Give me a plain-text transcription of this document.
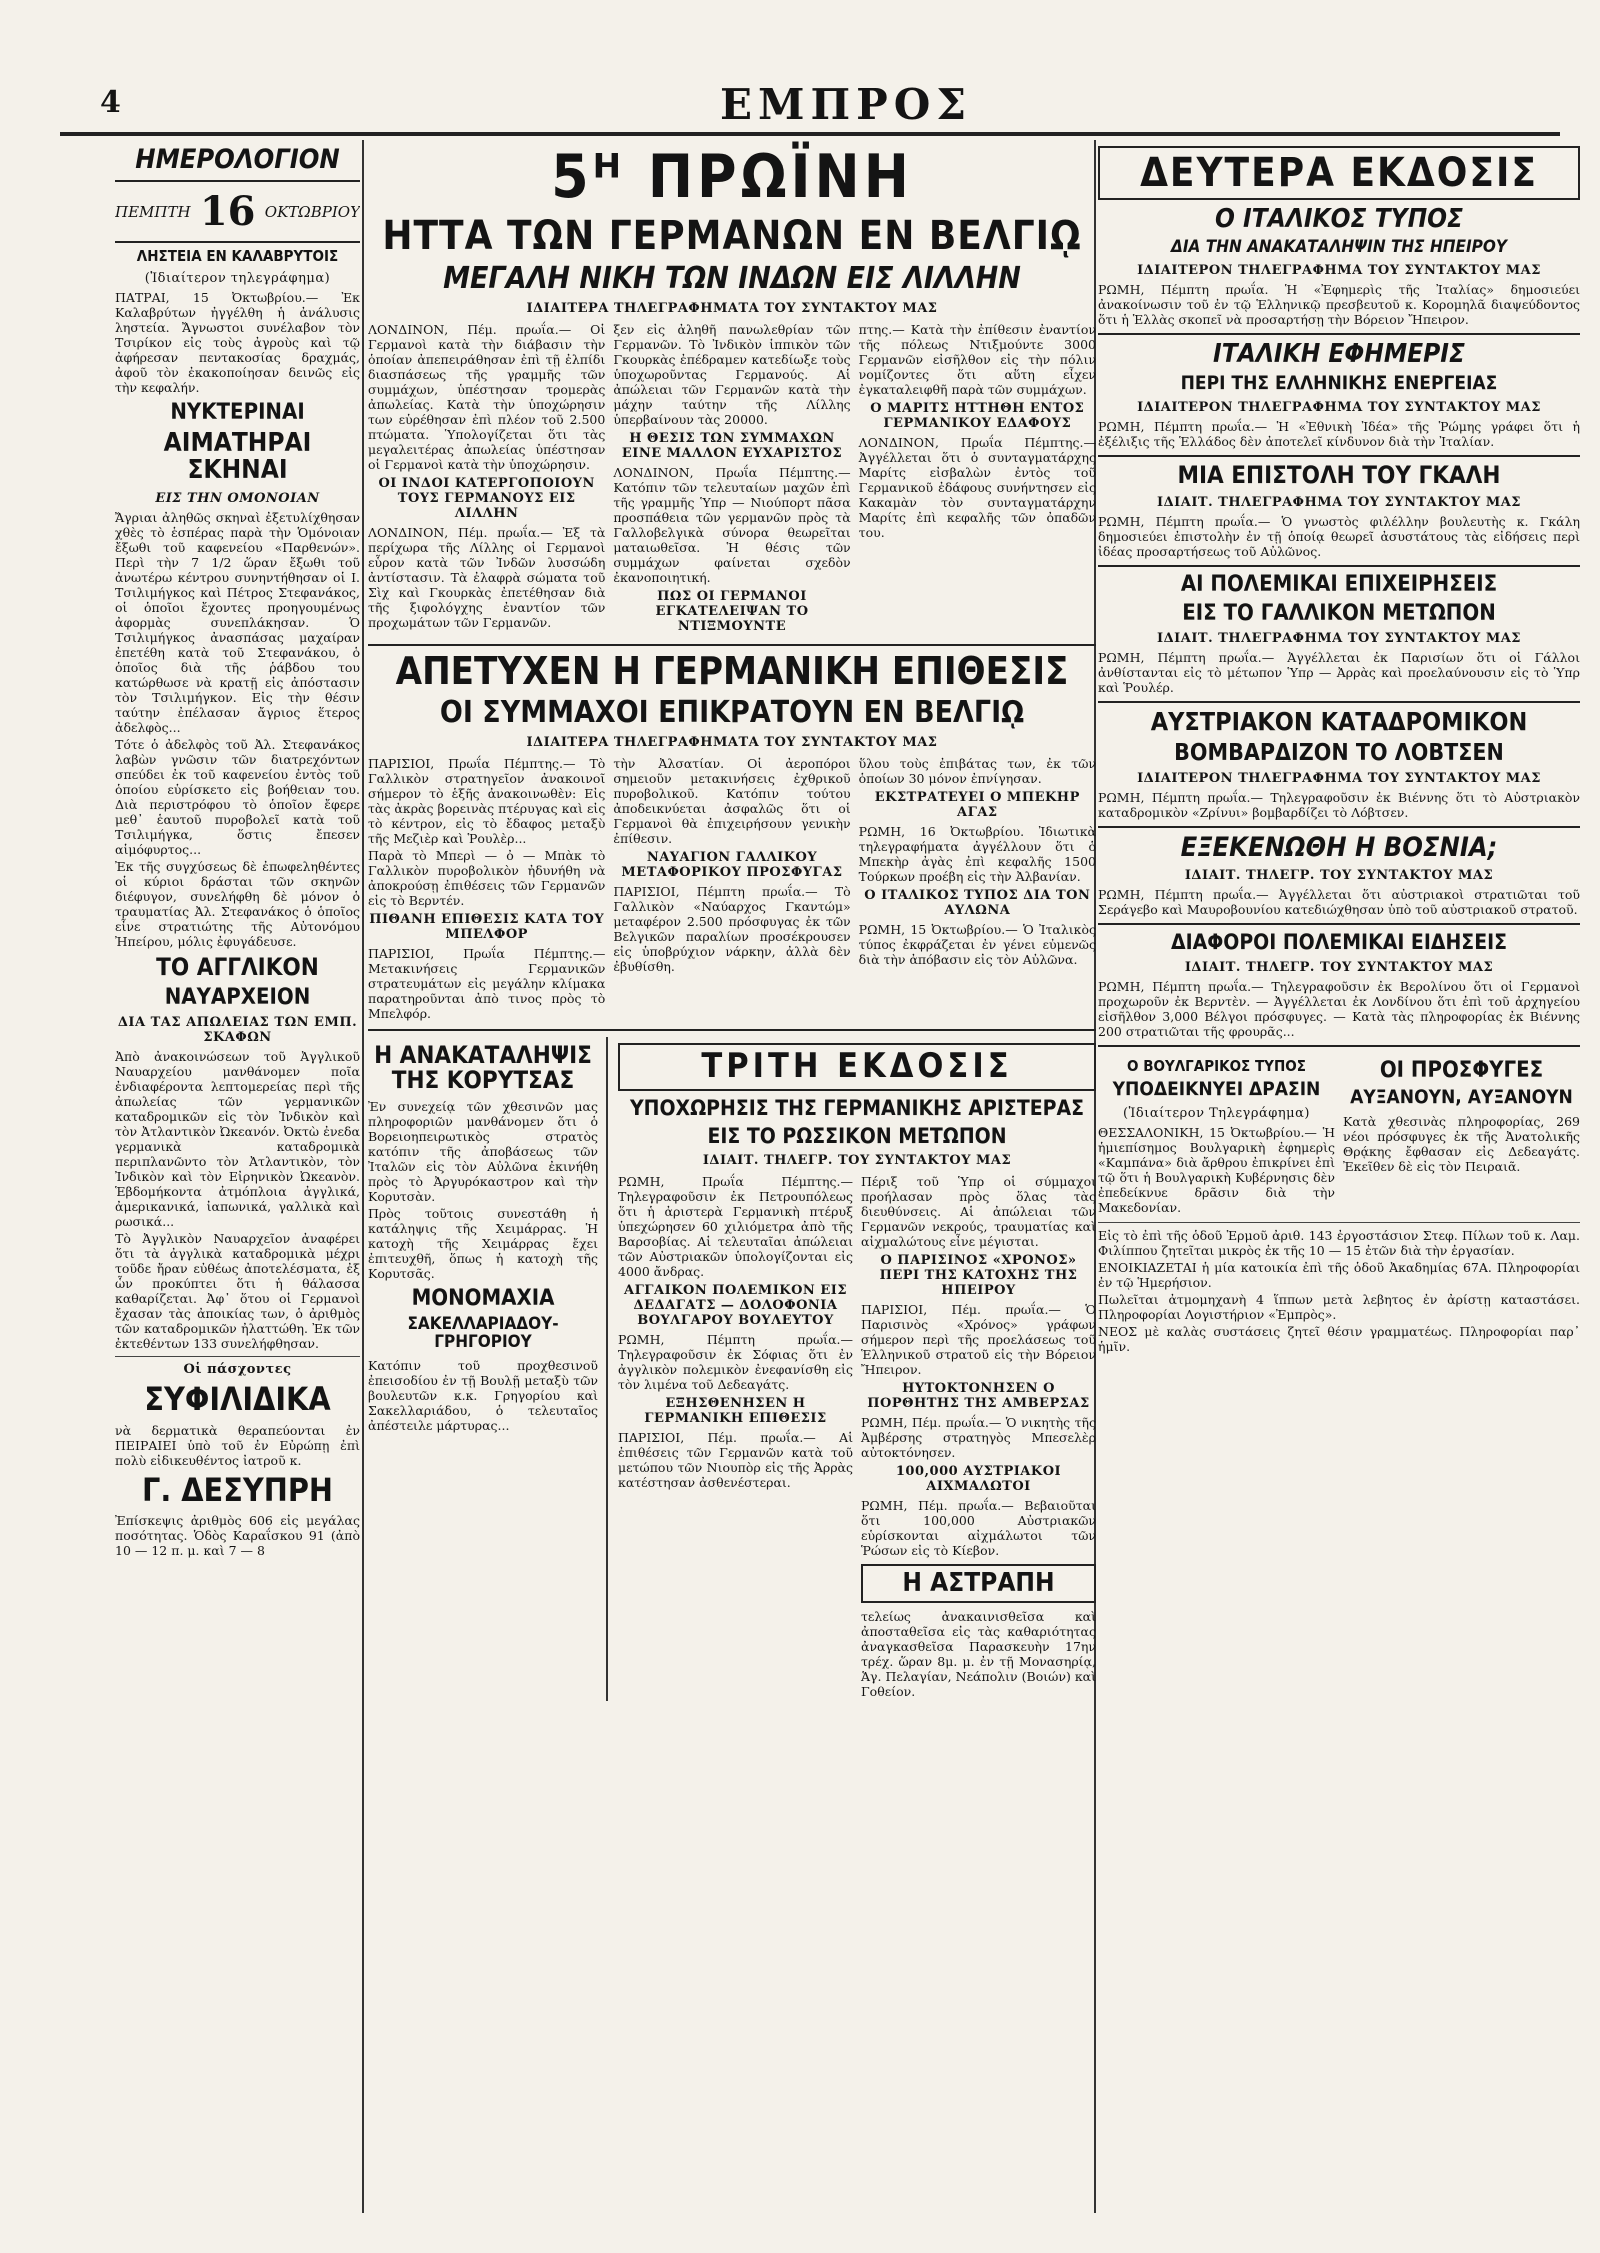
4	ΕΜΠΡΟΣ
ΗΜΕΡΟΛΟΓΙΟΝ
ΠΕΜΠΤΗ 16 ΟΚΤΩΒΡΙΟΥ
ΛΗΣΤΕΙΑ ΕΝ ΚΑΛΑΒΡΥΤΟΙΣ
(Ἰδιαίτερον τηλεγράφημα)
ΠΑΤΡΑΙ, 15 Ὀκτωβρίου.— Ἐκ Καλαβρύτων ἠγγέλθη ἡ ἀνάλυσις ληστεία. Ἄγνωστοι συνέλαβον τὸν Τσιρίκον εἰς τοὺς ἀγροὺς καὶ τῷ ἀφήρεσαν πεντακοσίας δραχμάς, ἀφοῦ τὸν ἐκακοποίησαν δεινῶς εἰς τὴν κεφαλήν.
ΝΥΚΤΕΡΙΝΑΙ
ΑΙΜΑΤΗΡΑΙ ΣΚΗΝΑΙ
ΕΙΣ ΤΗΝ ΟΜΟΝΟΙΑΝ
Ἄγριαι ἀληθῶς σκηναὶ ἐξετυλίχθησαν χθὲς τὸ ἑσπέρας παρὰ τὴν Ὁμόνοιαν ἔξωθι τοῦ καφενείου «Παρθενών». Περὶ τὴν 7 1/2 ὥραν ἔξωθι τοῦ ἀνωτέρω κέντρου συνηντήθησαν οἱ Ι. Τσιλιμήγκος καὶ Πέτρος Στεφανάκος, οἱ ὁποῖοι ἔχοντες προηγουμένως ἀφορμὰς συνεπλάκησαν. Ὁ Τσιλιμήγκος ἀνασπάσας μαχαίραν ἐπετέθη κατὰ τοῦ Στεφανάκου, ὁ ὁποῖος διὰ τῆς ῥάβδου του κατώρθωσε νὰ κρατῇ εἰς ἀπόστασιν τὸν Τσιλιμήγκον. Εἰς τὴν θέσιν ταύτην ἐπέλασαν ἄγριος ἕτερος ἀδελφὸς...
Τότε ὁ ἀδελφὸς τοῦ Ἀλ. Στεφανάκος λαβὼν γνῶσιν τῶν διατρεχόντων σπεύδει ἐκ τοῦ καφενείου ἐντὸς τοῦ ὁποίου εὑρίσκετο εἰς βοήθειαν του. Διὰ περιστρόφου τὸ ὁποῖον ἔφερε μεθ᾽ ἑαυτοῦ πυροβολεῖ κατὰ τοῦ Τσιλιμήγκα, ὅστις ἔπεσεν αἱμόφυρτος...
Ἐκ τῆς συγχύσεως δὲ ἐπωφεληθέντες οἱ κύριοι δράσται τῶν σκηνῶν διέφυγον, συνελήφθη δὲ μόνον ὁ τραυματίας Ἀλ. Στεφανάκος ὁ ὁποῖος εἶνε στρατιώτης τῆς Αὐτονόμου Ἠπείρου, μόλις ἐφυγάδευσε.
ΤΟ ΑΓΓΛΙΚΟΝ
ΝΑΥΑΡΧΕΙΟΝ
ΔΙΑ ΤΑΣ ΑΠΩΛΕΙΑΣ ΤΩΝ ΕΜΠ. ΣΚΑΦΩΝ
Ἀπὸ ἀνακοινώσεων τοῦ Ἀγγλικοῦ Ναυαρχείου μανθάνομεν ποῖα ἐνδιαφέροντα λεπτομερείας περὶ τῆς ἀπωλείας τῶν γερμανικῶν καταδρομικῶν εἰς τὸν Ἰνδικὸν καὶ τὸν Ἀτλαντικὸν Ὠκεανόν. Ὀκτὼ ἐνεδα γερμανικὰ καταδρομικὰ περιπλανῶντο τὸν Ἀτλαντικὸν, τὸν Ἰνδικὸν καὶ τὸν Εἰρηνικὸν Ὠκεανὸν. Ἑβδομήκοντα ἀτμόπλοια ἀγγλικά, ἀμερικανικά, ἰαπωνικά, γαλλικὰ καὶ ρωσικά...
Τὸ Ἀγγλικὸν Ναυαρχεῖον ἀναφέρει ὅτι τὰ ἀγγλικὰ καταδρομικὰ μέχρι τοῦδε ἤραν εὐθέως ἀποτελέσματα, ἐξ ὧν προκύπτει ὅτι ἡ θάλασσα καθαρίζεται. Ἀφ᾽ ὅτου οἱ Γερμανοὶ ἔχασαν τὰς ἀποικίας των, ὁ ἀριθμὸς τῶν καταδρομικῶν ἠλαττώθη. Ἐκ τῶν ἐκτεθέντων 133 συνελήφθησαν.
Οἱ πάσχοντες
ΣΥΦΙΛΙΔΙΚΑ
νὰ δερματικὰ θεραπεύονται ἐν ΠΕΙΡΑΙΕΙ ὑπὸ τοῦ ἐν Εὐρώπῃ ἐπὶ πολὺ εἰδικευθέντος ἰατροῦ κ.
Γ. ΔΕΣΥΠΡΗ
Ἐπίσκεψις ἀριθμὸς 606 εἰς μεγάλας ποσότητας. Ὁδὸς Καραΐσκου 91 (ἀπὸ 10 — 12 π. μ. καὶ 7 — 8
5ᴴ ΠΡΩΪΝΗ
ΗΤΤΑ ΤΩΝ ΓΕΡΜΑΝΩΝ ΕΝ ΒΕΛΓΙῼ
ΜΕΓΑΛΗ ΝΙΚΗ ΤΩΝ ΙΝΔΩΝ ΕΙΣ ΛΙΛΛΗΝ
ΙΔΙΑΙΤΕΡΑ ΤΗΛΕΓΡΑΦΗΜΑΤΑ ΤΟΥ ΣΥΝΤΑΚΤΟΥ ΜΑΣ
ΛΟΝΔΙΝΟΝ, Πέμ. πρωΐα.— Οἱ Γερμανοὶ κατὰ τὴν διάβασιν τὴν ὁποίαν ἀπεπειράθησαν ἐπὶ τῇ ἐλπίδι διασπάσεως τῆς γραμμῆς τῶν συμμάχων, ὑπέστησαν τρομερὰς ἀπωλείας. Κατὰ τὴν ὑποχώρησιν των εὑρέθησαν ἐπὶ πλέον τοῦ 2.500 πτώματα. Ὑπολογίζεται ὅτι τὰς μεγαλειτέρας ἀπωλείας ὑπέστησαν οἱ Γερμανοὶ κατὰ τὴν ὑποχώρησιν.
ΟΙ ΙΝΔΟΙ ΚΑΤΕΡΓΟΠΟΙΟΥΝ ΤΟΥΣ ΓΕΡΜΑΝΟΥΣ ΕΙΣ ΛΙΛΛΗΝ
ΛΟΝΔΙΝΟΝ, Πέμ. πρωΐα.— Ἐξ τὰ περίχωρα τῆς Λίλλης οἱ Γερμανοὶ εὗρον κατὰ τῶν Ἰνδῶν λυσσώδη ἀντίστασιν. Τὰ ἐλαφρὰ σώματα τοῦ Σὶχ καὶ Γκουρκὰς ἐπετέθησαν διὰ τῆς ξιφολόγχης ἐναντίον τῶν προχωμάτων τῶν Γερμανῶν.
ξεν εἰς ἀληθῆ πανωλεθρίαν τῶν Γερμανῶν. Τὸ Ἰνδικὸν ἱππικὸν τῶν Γκουρκὰς ἐπέδραμεν κατεδίωξε τοὺς ὑποχωροῦντας Γερμανούς. Αἱ ἀπώλειαι τῶν Γερμανῶν κατὰ τὴν μάχην ταύτην τῆς Λίλλης ὑπερβαίνουν τὰς 20000.
Η ΘΕΣΙΣ ΤΩΝ ΣΥΜΜΑΧΩΝ ΕΙΝΕ ΜΑΛΛΟΝ ΕΥΧΑΡΙΣΤΟΣ
ΛΟΝΔΙΝΟΝ, Πρωΐα Πέμπτης.— Κατόπιν τῶν τελευταίων μαχῶν ἐπὶ τῆς γραμμῆς Ὑπρ — Νιούπορτ πᾶσα προσπάθεια τῶν γερμανῶν πρὸς τὰ Γαλλοβελγικὰ σύνορα θεωρεῖται ματαιωθεῖσα. Ἡ θέσις τῶν συμμάχων φαίνεται σχεδὸν ἐκανοποιητική.
ΠΩΣ ΟΙ ΓΕΡΜΑΝΟΙ ΕΓΚΑΤΕΛΕΙΨΑΝ ΤΟ ΝΤΙΞΜΟΥΝΤΕ
πτης.— Κατὰ τὴν ἐπίθεσιν ἐναντίον τῆς πόλεως Ντιξμούντε 3000 Γερμανῶν εἰσῆλθον εἰς τὴν πόλιν νομίζοντες ὅτι αὕτη εἶχεν ἐγκαταλειφθῆ παρὰ τῶν συμμάχων.
Ο ΜΑΡΙΤΣ ΗΤΤΗΘΗ ΕΝΤΟΣ ΓΕΡΜΑΝΙΚΟΥ ΕΔΑΦΟΥΣ
ΛΟΝΔΙΝΟΝ, Πρωΐα Πέμπτης.— Ἀγγέλλεται ὅτι ὁ συνταγματάρχης Μαρίτς εἰσβαλὼν ἐντὸς τοῦ Γερμανικοῦ ἐδάφους συνήντησεν εἰς Κακαμὰν τὸν συνταγματάρχην Μαρίτς ἐπὶ κεφαλῆς τῶν ὀπαδῶν του.
ΑΠΕΤΥΧΕΝ Η ΓΕΡΜΑΝΙΚΗ ΕΠΙΘΕΣΙΣ
ΟΙ ΣΥΜΜΑΧΟΙ ΕΠΙΚΡΑΤΟΥΝ ΕΝ ΒΕΛΓΙῼ
ΙΔΙΑΙΤΕΡΑ ΤΗΛΕΓΡΑΦΗΜΑΤΑ ΤΟΥ ΣΥΝΤΑΚΤΟΥ ΜΑΣ
ΠΑΡΙΣΙΟΙ, Πρωΐα Πέμπτης.— Τὸ Γαλλικὸν στρατηγεῖον ἀνακοινοῖ σήμερον τὸ ἑξῆς ἀνακοινωθὲν: Εἰς τὰς ἀκρὰς βορεινὰς πτέρυγας καὶ εἰς τὸ κέντρον, εἰς τὸ ἔδαφος μεταξὺ τῆς Μεζιὲρ καὶ Ῥουλὲρ...
Παρὰ τὸ Μπερὶ — ὀ — Μπὰκ τὸ Γαλλικὸν πυροβολικὸν ἠδυνήθη νὰ ἀποκρούσῃ ἐπιθέσεις τῶν Γερμανῶν εἰς τὸ Βερντέν.
ΠΙΘΑΝΗ ΕΠΙΘΕΣΙΣ ΚΑΤΑ ΤΟΥ ΜΠΕΛΦΟΡ
ΠΑΡΙΣΙΟΙ, Πρωΐα Πέμπτης.— Μετακινήσεις Γερμανικῶν στρατευμάτων εἰς μεγάλην κλίμακα παρατηροῦνται ἀπὸ τινος πρὸς τὸ Μπελφόρ.
τὴν Ἀλσατίαν. Οἱ ἀεροπόροι σημειοῦν μετακινήσεις ἐχθρικοῦ πυροβολικοῦ. Κατόπιν τούτου ἀποδεικνύεται ἀσφαλῶς ὅτι οἱ Γερμανοὶ θὰ ἐπιχειρήσουν γενικὴν ἐπίθεσιν.
ΝΑΥΑΓΙΟΝ ΓΑΛΛΙΚΟΥ ΜΕΤΑΦΟΡΙΚΟΥ ΠΡΟΣΦΥΓΑΣ
ΠΑΡΙΣΙΟΙ, Πέμπτη πρωΐα.— Τὸ Γαλλικὸν «Ναύαρχος Γκαντώμ» μεταφέρον 2.500 πρόσφυγας ἐκ τῶν Βελγικῶν παραλίων προσέκρουσεν εἰς ὑποβρύχιον νάρκην, ἀλλὰ δὲν ἐβυθίσθη.
ὕλου τοὺς ἐπιβάτας των, ἐκ τῶν ὁποίων 30 μόνον ἐπνίγησαν.
ΕΚΣΤΡΑΤΕΥΕΙ Ο ΜΠΕΚΗΡ ΑΓΑΣ
ΡΩΜΗ, 16 Ὀκτωβρίου. Ἰδιωτικὰ τηλεγραφήματα ἀγγέλλουν ὅτι ὁ Μπεκὴρ ἀγὰς ἐπὶ κεφαλῆς 1500 Τούρκων προέβη εἰς τὴν Ἀλβανίαν.
Ο ΙΤΑΛΙΚΟΣ ΤΥΠΟΣ ΔΙΑ ΤΟΝ ΑΥΛΩΝΑ
ΡΩΜΗ, 15 Ὀκτωβρίου.— Ὁ Ἰταλικὸς τύπος ἐκφράζεται ἐν γένει εὐμενῶς διὰ τὴν ἀπόβασιν εἰς τὸν Αὐλῶνα.
Η ΑΝΑΚΑΤΑΛΗΨΙΣ ΤΗΣ ΚΟΡΥΤΣΑΣ
Ἐν συνεχείᾳ τῶν χθεσινῶν μας πληροφοριῶν μανθάνομεν ὅτι ὁ Βορειοηπειρωτικὸς στρατὸς κατόπιν τῆς ἀποβάσεως τῶν Ἰταλῶν εἰς τὸν Αὐλῶνα ἐκινήθη πρὸς τὸ Ἀργυρόκαστρον καὶ τὴν Κορυτσὰν.
Πρὸς τοῦτοις συνεστάθη ἡ κατάληψις τῆς Χειμάρρας. Ἡ κατοχὴ τῆς Χειμάρρας ἔχει ἐπιτευχθῆ, ὅπως ἡ κατοχὴ τῆς Κορυτσᾶς.
ΜΟΝΟΜΑΧΙΑ
ΣΑΚΕΛΛΑΡΙΑΔΟΥ-ΓΡΗΓΟΡΙΟΥ
Κατόπιν τοῦ προχθεσινοῦ ἐπεισοδίου ἐν τῇ Βουλῇ μεταξὺ τῶν βουλευτῶν κ.κ. Γρηγορίου καὶ Σακελλαριάδου, ὁ τελευταῖος ἀπέστειλε μάρτυρας...
ΤΡΙΤΗ ΕΚΔΟΣΙΣ
ΥΠΟΧΩΡΗΣΙΣ ΤΗΣ ΓΕΡΜΑΝΙΚΗΣ ΑΡΙΣΤΕΡΑΣ
ΕΙΣ ΤΟ ΡΩΣΣΙΚΟΝ ΜΕΤΩΠΟΝ
ΙΔΙΑΙΤ. ΤΗΛΕΓΡ. ΤΟΥ ΣΥΝΤΑΚΤΟΥ ΜΑΣ
ΡΩΜΗ, Πρωΐα Πέμπτης.— Τηλεγραφοῦσιν ἐκ Πετρουπόλεως ὅτι ἡ ἀριστερὰ Γερμανικὴ πτέρυξ ὑπεχώρησεν 60 χιλιόμετρα ἀπὸ τῆς Βαρσοβίας. Αἱ τελευταῖαι ἀπώλειαι τῶν Αὐστριακῶν ὑπολογίζονται εἰς 4000 ἄνδρας.
ΑΓΓΑΙΚΟΝ ΠΟΛΕΜΙΚΟΝ ΕΙΣ ΔΕΔΑΓΑΤΣ — ΔΟΛΟΦΟΝΙΑ ΒΟΥΛΓΑΡΟΥ ΒΟΥΛΕΥΤΟΥ
ΡΩΜΗ, Πέμπτη πρωΐα.— Τηλεγραφοῦσιν ἐκ Σόφιας ὅτι ἐν ἀγγλικὸν πολεμικὸν ἐνεφανίσθη εἰς τὸν λιμένα τοῦ Δεδεαγάτς.
ΕΞΗΣΘΕΝΗΣΕΝ Η ΓΕΡΜΑΝΙΚΗ ΕΠΙΘΕΣΙΣ
ΠΑΡΙΣΙΟΙ, Πέμ. πρωΐα.— Αἱ ἐπιθέσεις τῶν Γερμανῶν κατὰ τοῦ μετώπου τῶν Νιουπὸρ εἰς τῆς Ἀρρὰς κατέστησαν ἀσθενέστεραι.
Πέριξ τοῦ Ὑπρ οἱ σύμμαχοι προήλασαν πρὸς ὅλας τὰς διευθύνσεις. Αἱ ἀπώλειαι τῶν Γερμανῶν νεκρούς, τραυματίας καὶ αἰχμαλώτους εἶνε μέγισται.
Ο ΠΑΡΙΣΙΝΟΣ «ΧΡΟΝΟΣ» ΠΕΡΙ ΤΗΣ ΚΑΤΟΧΗΣ ΤΗΣ ΗΠΕΙΡΟΥ
ΠΑΡΙΣΙΟΙ, Πέμ. πρωΐα.— Ὁ Παρισινὸς «Χρόνος» γράφων σήμερον περὶ τῆς προελάσεως τοῦ Ἑλληνικοῦ στρατοῦ εἰς τὴν Βόρειον Ἤπειρον.
ΗΥΤΟΚΤΟΝΗΣΕΝ Ο ΠΟΡΘΗΤΗΣ ΤΗΣ ΑΜΒΕΡΣΑΣ
ΡΩΜΗ, Πέμ. πρωΐα.— Ὁ νικητὴς τῆς Ἀμβέρσης στρατηγὸς Μπεσελὲρ αὐτοκτόνησεν.
100,000 ΑΥΣΤΡΙΑΚΟΙ ΑΙΧΜΑΛΩΤΟΙ
ΡΩΜΗ, Πέμ. πρωΐα.— Βεβαιοῦται ὅτι 100,000 Αὐστριακῶν εὑρίσκονται αἰχμάλωτοι τῶν Ῥώσων εἰς τὸ Κίεβον.
Η ΑΣΤΡΑΠΗ
τελείως ἀνακαινισθεῖσα καὶ ἀποσταθεῖσα εἰς τὰς καθαριότητας ἀναγκασθεῖσα Παρασκευὴν 17ην τρέχ. ὥραν 8μ. μ. ἐν τῇ Μονασηρίᾳ, Ἁγ. Πελαγίαν, Νεάπολιν (Βοιών) καὶ Γοθείον.
ΔΕΥΤΕΡΑ ΕΚΔΟΣΙΣ
Ο ΙΤΑΛΙΚΟΣ ΤΥΠΟΣ
ΔΙΑ ΤΗΝ ΑΝΑΚΑΤΑΛΗΨΙΝ ΤΗΣ ΗΠΕΙΡΟΥ
ΙΔΙΑΙΤΕΡΟΝ ΤΗΛΕΓΡΑΦΗΜΑ ΤΟΥ ΣΥΝΤΑΚΤΟΥ ΜΑΣ
ΡΩΜΗ, Πέμπτη πρωΐα. Ἡ «Ἐφημερὶς τῆς Ἰταλίας» δημοσιεύει ἀνακοίνωσιν τοῦ ἐν τῷ Ἑλληνικῷ πρεσβευτοῦ κ. Κορομηλᾶ διαψεύδοντος ὅτι ἡ Ἑλλὰς σκοπεῖ νὰ προσαρτήσῃ τὴν Βόρειον Ἤπειρον.
ΙΤΑΛΙΚΗ ΕΦΗΜΕΡΙΣ
ΠΕΡΙ ΤΗΣ ΕΛΛΗΝΙΚΗΣ ΕΝΕΡΓΕΙΑΣ
ΙΔΙΑΙΤΕΡΟΝ ΤΗΛΕΓΡΑΦΗΜΑ ΤΟΥ ΣΥΝΤΑΚΤΟΥ ΜΑΣ
ΡΩΜΗ, Πέμπτη πρωΐα.— Ἡ «Ἐθνικὴ Ἰδέα» τῆς Ῥώμης γράφει ὅτι ἡ ἐξέλιξις τῆς Ἑλλάδος δὲν ἀποτελεῖ κίνδυνον διὰ τὴν Ἰταλίαν.
ΜΙΑ ΕΠΙΣΤΟΛΗ ΤΟΥ ΓΚΑΛΗ
ΙΔΙΑΙΤ. ΤΗΛΕΓΡΑΦΗΜΑ ΤΟΥ ΣΥΝΤΑΚΤΟΥ ΜΑΣ
ΡΩΜΗ, Πέμπτη πρωΐα.— Ὁ γνωστὸς φιλέλλην βουλευτὴς κ. Γκάλη δημοσιεύει ἐπιστολὴν ἐν τῇ ὁποίᾳ θεωρεῖ ἀσυστάτους τὰς εἰδήσεις περὶ ἰδέας προσαρτήσεως τοῦ Αὐλῶνος.
ΑΙ ΠΟΛΕΜΙΚΑΙ ΕΠΙΧΕΙΡΗΣΕΙΣ
ΕΙΣ ΤΟ ΓΑΛΛΙΚΟΝ ΜΕΤΩΠΟΝ
ΙΔΙΑΙΤ. ΤΗΛΕΓΡΑΦΗΜΑ ΤΟΥ ΣΥΝΤΑΚΤΟΥ ΜΑΣ
ΡΩΜΗ, Πέμπτη πρωΐα.— Ἀγγέλλεται ἐκ Παρισίων ὅτι οἱ Γάλλοι ἀνθίστανται εἰς τὸ μέτωπον Ὑπρ — Ἀρρὰς καὶ προελαύνουσιν εἰς τὸ Ὑπρ καὶ Ῥουλέρ.
ΑΥΣΤΡΙΑΚΟΝ ΚΑΤΑΔΡΟΜΙΚΟΝ
ΒΟΜΒΑΡΔΙΖΟΝ ΤΟ ΛΟΒΤΣΕΝ
ΙΔΙΑΙΤΕΡΟΝ ΤΗΛΕΓΡΑΦΗΜΑ ΤΟΥ ΣΥΝΤΑΚΤΟΥ ΜΑΣ
ΡΩΜΗ, Πέμπτη πρωΐα.— Τηλεγραφοῦσιν ἐκ Βιέννης ὅτι τὸ Αὐστριακὸν καταδρομικὸν «Ζρίνυι» βομβαρδίζει τὸ Λόβτσεν.
ΕΞΕΚΕΝΩΘΗ Η ΒΟΣΝΙΑ;
ΙΔΙΑΙΤ. ΤΗΛΕΓΡ. ΤΟΥ ΣΥΝΤΑΚΤΟΥ ΜΑΣ
ΡΩΜΗ, Πέμπτη πρωΐα.— Ἀγγέλλεται ὅτι αὐστριακοὶ στρατιῶται τοῦ Σεράγεβο καὶ Μαυροβουνίου κατεδιώχθησαν ὑπὸ τοῦ αὐστριακοῦ στρατοῦ.
ΔΙΑΦΟΡΟΙ ΠΟΛΕΜΙΚΑΙ ΕΙΔΗΣΕΙΣ
ΙΔΙΑΙΤ. ΤΗΛΕΓΡ. ΤΟΥ ΣΥΝΤΑΚΤΟΥ ΜΑΣ
ΡΩΜΗ, Πέμπτη πρωΐα.— Τηλεγραφοῦσιν ἐκ Βερολίνου ὅτι οἱ Γερμανοὶ προχωροῦν ἐκ Βερντὲν. — Ἀγγέλλεται ἐκ Λονδίνου ὅτι ἐπὶ τοῦ ἀρχηγείου εἰσῆλθον 3,000 Βέλγοι πρόσφυγες. — Κατὰ τὰς πληροφορίας ἐκ Βιέννης 200 στρατιῶται τῆς φρουρᾶς...
Ο ΒΟΥΛΓΑΡΙΚΟΣ ΤΥΠΟΣ
ΥΠΟΔΕΙΚΝΥΕΙ ΔΡΑΣΙΝ
(Ἰδιαίτερον Τηλεγράφημα)
ΘΕΣΣΑΛΟΝΙΚΗ, 15 Ὀκτωβρίου.— Ἡ ἡμιεπίσημος Βουλγαρικὴ ἐφημερὶς «Καμπάνα» διὰ ἄρθρου ἐπικρίνει ἐπὶ τῷ ὅτι ἡ Βουλγαρικὴ Κυβέρνησις δὲν ἐπεδείκνυε δρᾶσιν διὰ τὴν Μακεδονίαν.
ΟΙ ΠΡΟΣΦΥΓΕΣ
ΑΥΞΑΝΟΥΝ, ΑΥΞΑΝΟΥΝ
Κατὰ χθεσινὰς πληροφορίας, 269 νέοι πρόσφυγες ἐκ τῆς Ἀνατολικῆς Θρᾴκης ἔφθασαν εἰς Δεδεαγάτς. Ἐκεῖθεν δὲ εἰς τὸν Πειραιᾶ.
Εἰς τὸ ἐπὶ τῆς ὁδοῦ Ἑρμοῦ ἀριθ. 143 ἐργοστάσιον Στεφ. Πίλων τοῦ κ. Λαμ. Φιλίππου ζητεῖται μικρὸς ἐκ τῆς 10 — 15 ἐτῶν διὰ τὴν ἐργασίαν.
ΕΝΟΙΚΙΑΖΕΤΑΙ ἡ μία κατοικία ἐπὶ τῆς ὁδοῦ Ἀκαδημίας 67Α. Πληροφορίαι ἐν τῷ Ἡμερήσιον.
Πωλεῖται ἀτμομηχανὴ 4 ἵππων μετὰ λεβητος ἐν ἀρίστῃ καταστάσει. Πληροφορίαι Λογιστήριον «Ἐμπρὸς».
ΝΕΟΣ μὲ καλὰς συστάσεις ζητεῖ θέσιν γραμματέως. Πληροφορίαι παρ᾽ ἡμῖν.
